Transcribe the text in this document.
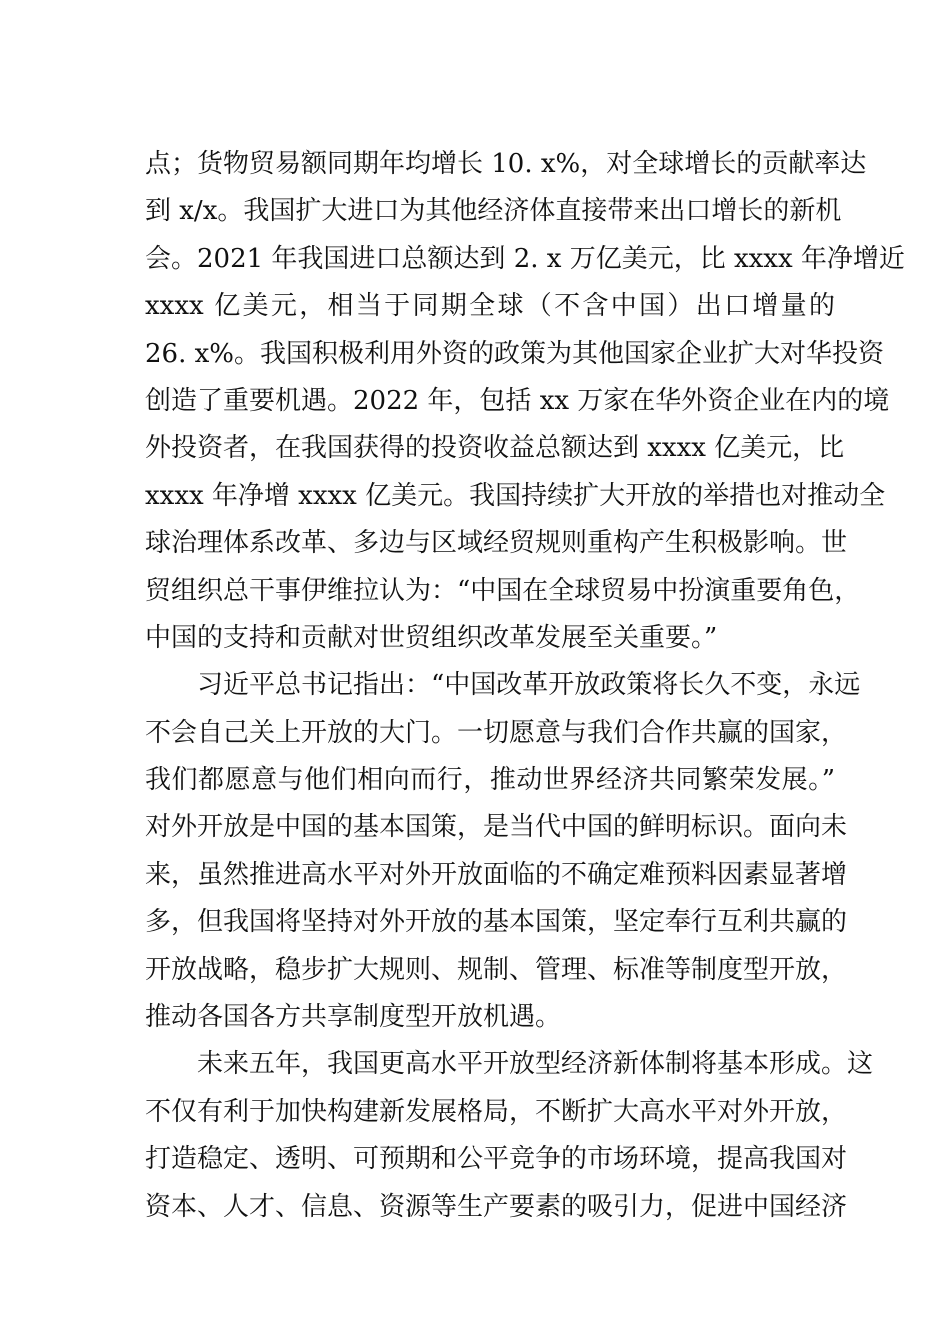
点；货物贸易额同期年均增长 10. x%，对全球增长的贡献率达
到 x/x。我国扩大进口为其他经济体直接带来出口增长的新机
会。2021 年我国进口总额达到 2. x 万亿美元，比 xxxx 年净增近
xxxx 亿美元，相当于同期全球（不含中国）出口增量的
26. x%。我国积极利用外资的政策为其他国家企业扩大对华投资
创造了重要机遇。2022 年，包括 xx 万家在华外资企业在内的境
外投资者，在我国获得的投资收益总额达到 xxxx 亿美元，比
xxxx 年净增 xxxx 亿美元。我国持续扩大开放的举措也对推动全
球治理体系改革、多边与区域经贸规则重构产生积极影响。世
贸组织总干事伊维拉认为：“中国在全球贸易中扮演重要角色，
中国的支持和贡献对世贸组织改革发展至关重要。”
　　习近平总书记指出：“中国改革开放政策将长久不变，永远
不会自己关上开放的大门。一切愿意与我们合作共赢的国家，
我们都愿意与他们相向而行，推动世界经济共同繁荣发展。”
对外开放是中国的基本国策，是当代中国的鲜明标识。面向未
来，虽然推进高水平对外开放面临的不确定难预料因素显著增
多，但我国将坚持对外开放的基本国策，坚定奉行互利共赢的
开放战略，稳步扩大规则、规制、管理、标准等制度型开放，
推动各国各方共享制度型开放机遇。
　　未来五年，我国更高水平开放型经济新体制将基本形成。这
不仅有利于加快构建新发展格局，不断扩大高水平对外开放，
打造稳定、透明、可预期和公平竞争的市场环境，提高我国对
资本、人才、信息、资源等生产要素的吸引力，促进中国经济
